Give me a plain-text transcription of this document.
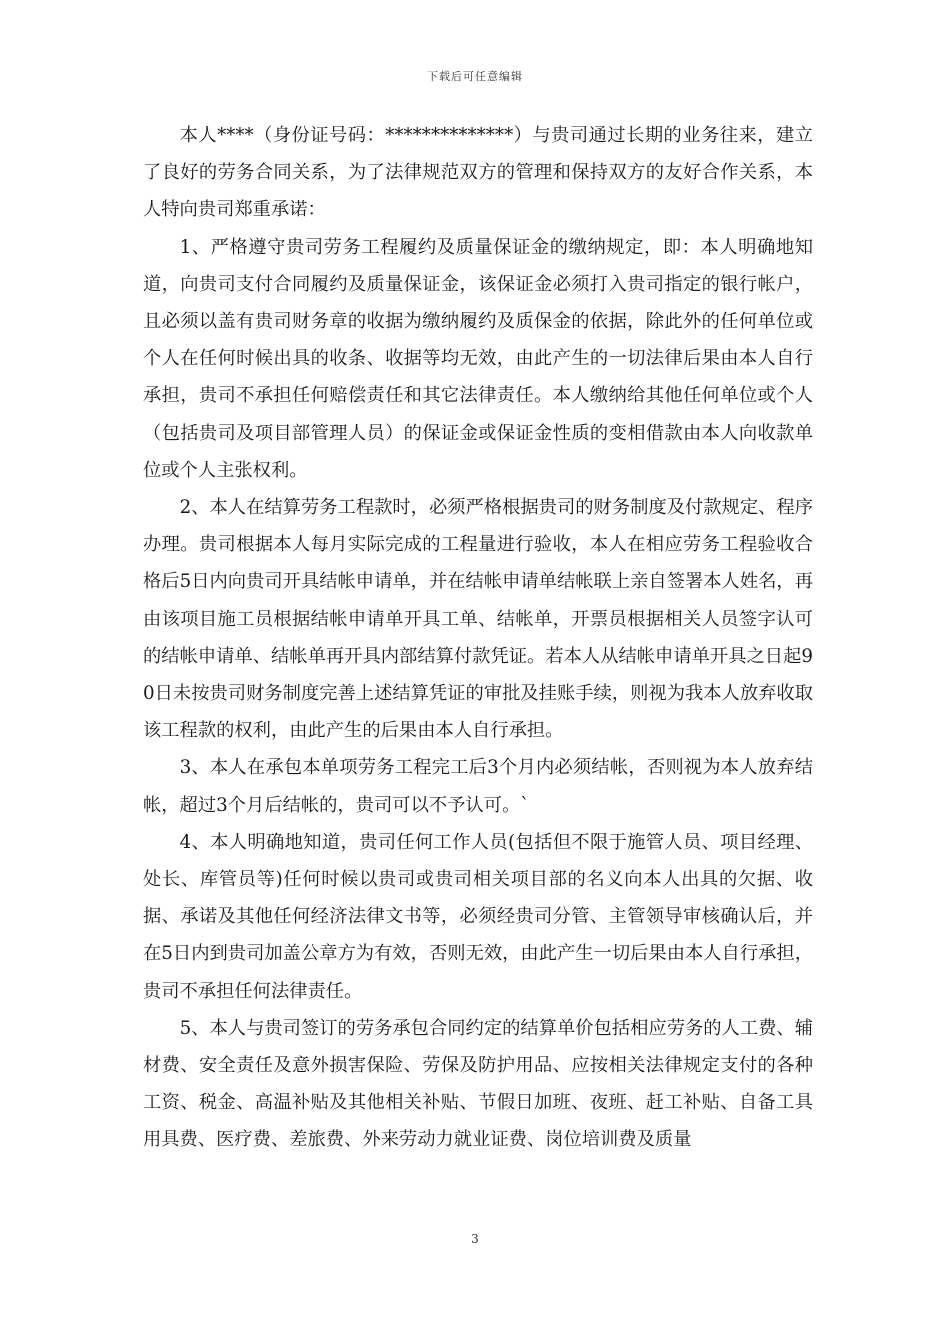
下载后可任意编辑

本人****（身份证号码：**************）与贵司通过长期的业务往来，建立了良好的劳务合同关系，为了法律规范双方的管理和保持双方的友好合作关系，本人特向贵司郑重承诺：

1、严格遵守贵司劳务工程履约及质量保证金的缴纳规定，即：本人明确地知道，向贵司支付合同履约及质量保证金，该保证金必须打入贵司指定的银行帐户，且必须以盖有贵司财务章的收据为缴纳履约及质保金的依据，除此外的任何单位或个人在任何时候出具的收条、收据等均无效，由此产生的一切法律后果由本人自行承担，贵司不承担任何赔偿责任和其它法律责任。本人缴纳给其他任何单位或个人（包括贵司及项目部管理人员）的保证金或保证金性质的变相借款由本人向收款单位或个人主张权利。

2、本人在结算劳务工程款时，必须严格根据贵司的财务制度及付款规定、程序办理。贵司根据本人每月实际完成的工程量进行验收，本人在相应劳务工程验收合格后5日内向贵司开具结帐申请单，并在结帐申请单结帐联上亲自签署本人姓名，再由该项目施工员根据结帐申请单开具工单、结帐单，开票员根据相关人员签字认可的结帐申请单、结帐单再开具内部结算付款凭证。若本人从结帐申请单开具之日起90日未按贵司财务制度完善上述结算凭证的审批及挂账手续，则视为我本人放弃收取该工程款的权利，由此产生的后果由本人自行承担。

3、本人在承包本单项劳务工程完工后3个月内必须结帐，否则视为本人放弃结帐，超过3个月后结帐的，贵司可以不予认可。`

4、本人明确地知道，贵司任何工作人员(包括但不限于施管人员、项目经理、处长、库管员等)任何时候以贵司或贵司相关项目部的名义向本人出具的欠据、收据、承诺及其他任何经济法律文书等，必须经贵司分管、主管领导审核确认后，并在5日内到贵司加盖公章方为有效，否则无效，由此产生一切后果由本人自行承担，贵司不承担任何法律责任。

5、本人与贵司签订的劳务承包合同约定的结算单价包括相应劳务的人工费、辅材费、安全责任及意外损害保险、劳保及防护用品、应按相关法律规定支付的各种工资、税金、高温补贴及其他相关补贴、节假日加班、夜班、赶工补贴、自备工具用具费、医疗费、差旅费、外来劳动力就业证费、岗位培训费及质量

3
